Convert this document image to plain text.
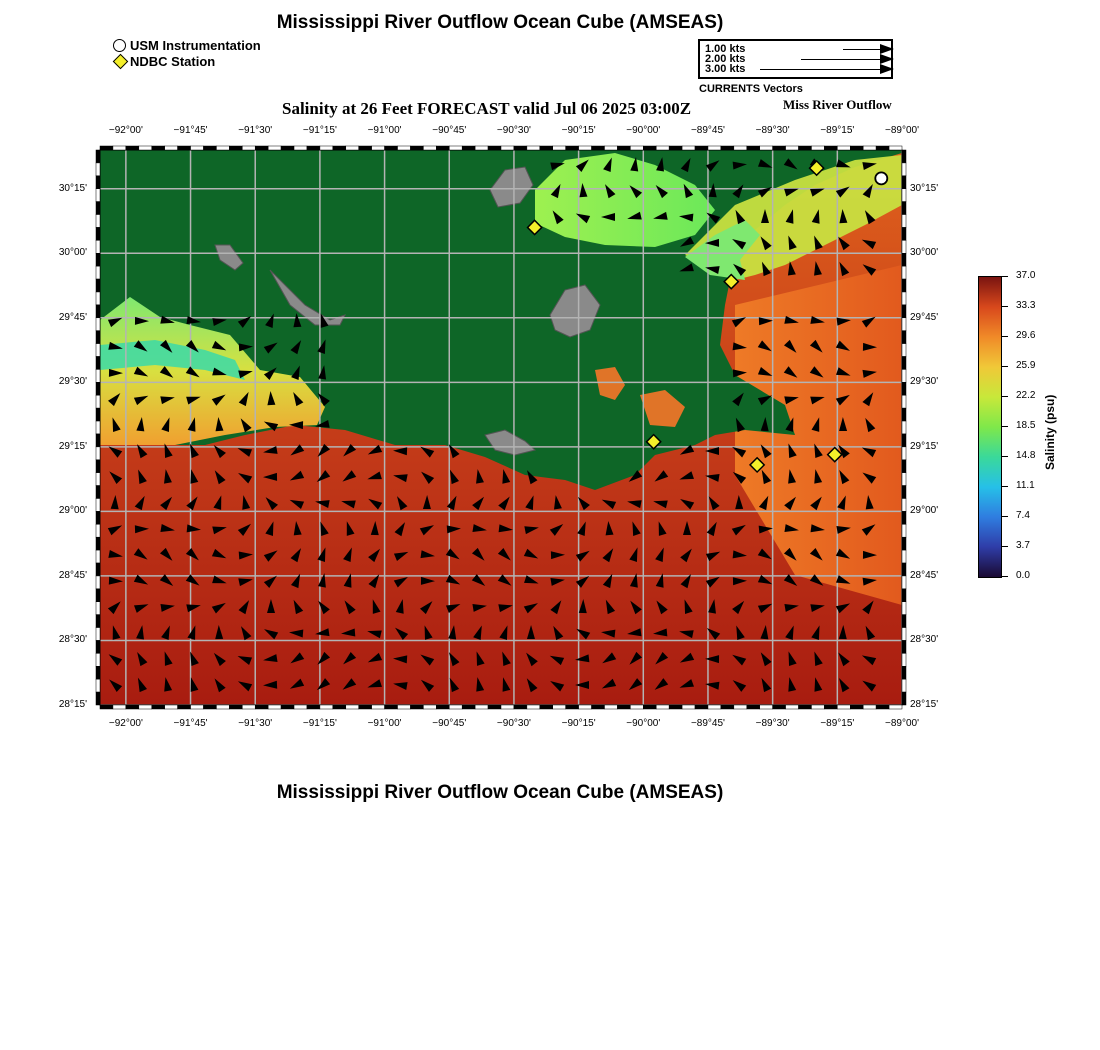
Mississippi River Outflow Ocean Cube (AMSEAS)
Mississippi River Outflow Ocean Cube (AMSEAS)
USM Instrumentation
NDBC Station
1.00 kts
2.00 kts
3.00 kts
CURRENTS Vectors
Salinity at 26 Feet FORECAST valid Jul 06 2025 03:00Z	Miss River Outflow
−92°00'	−91°45'	−91°30'	−91°15'	−91°00'	−90°45'	−90°30'	−90°15'	−90°00'	−89°45'	−89°30'	−89°15'	−89°00'
−92°00'	−91°45'	−91°30'	−91°15'	−91°00'	−90°45'	−90°30'	−90°15'	−90°00'	−89°45'	−89°30'	−89°15'	−89°00'
30°15'
30°00'
29°45'
29°30'
29°15'
29°00'
28°45'
28°30'
28°15'
30°15'
30°00'
29°45'
29°30'
29°15'
29°00'
28°45'
28°30'
28°15'
37.0
33.3
29.6
25.9
22.2
18.5
14.8
11.1
7.4
3.7
0.0
Salinity (psu)
